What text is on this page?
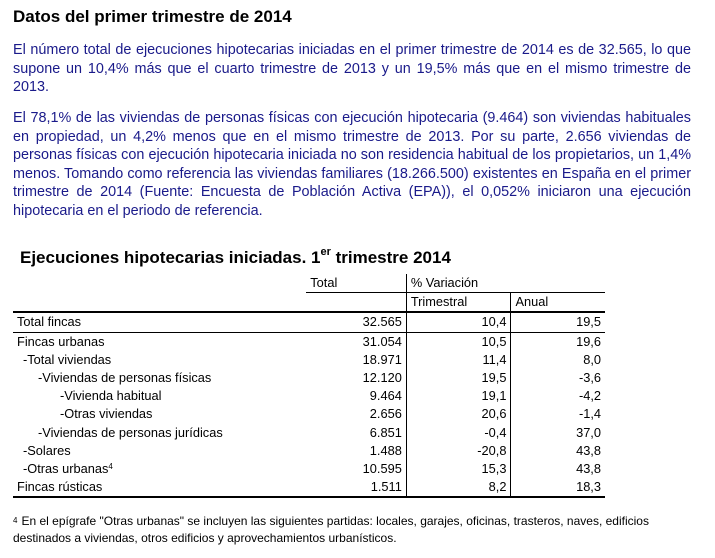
Datos del primer trimestre de 2014

El número total de ejecuciones hipotecarias iniciadas en el primer trimestre de 2014 es de 32.565, lo que supone un 10,4% más que el cuarto trimestre de 2013 y un 19,5% más que en el mismo trimestre de 2013.

El 78,1% de las viviendas de personas físicas con ejecución hipotecaria (9.464) son viviendas habituales en propiedad, un 4,2% menos que en el mismo trimestre de 2013. Por su parte, 2.656 viviendas de personas físicas con ejecución hipotecaria iniciada no son residencia habitual de los propietarios, un 1,4% menos. Tomando como referencia las viviendas familiares (18.266.500) existentes en España en el primer trimestre de 2014 (Fuente: Encuesta de Población Activa (EPA)), el 0,052% iniciaron una ejecución hipotecaria en el periodo de referencia.

Ejecuciones hipotecarias iniciadas. 1er trimestre 2014
	Total	% Variación	
		Trimestral	Anual
Total fincas	32.565	10,4	19,5
Fincas urbanas	31.054	10,5	19,6
-Total viviendas	18.971	11,4	8,0
-Viviendas de personas físicas	12.120	19,5	-3,6
-Vivienda habitual	9.464	19,1	-4,2
-Otras viviendas	2.656	20,6	-1,4
-Viviendas de personas jurídicas	6.851	-0,4	37,0
-Solares	1.488	-20,8	43,8
-Otras urbanas$^4$	10.595	15,3	43,8
Fincas rústicas	1.511	8,2	18,3
$^4$ En el epígrafe "Otras urbanas" se incluyen las siguientes partidas: locales, garajes, oficinas, trasteros, naves, edificios destinados a viviendas, otros edificios y aprovechamientos urbanísticos.
